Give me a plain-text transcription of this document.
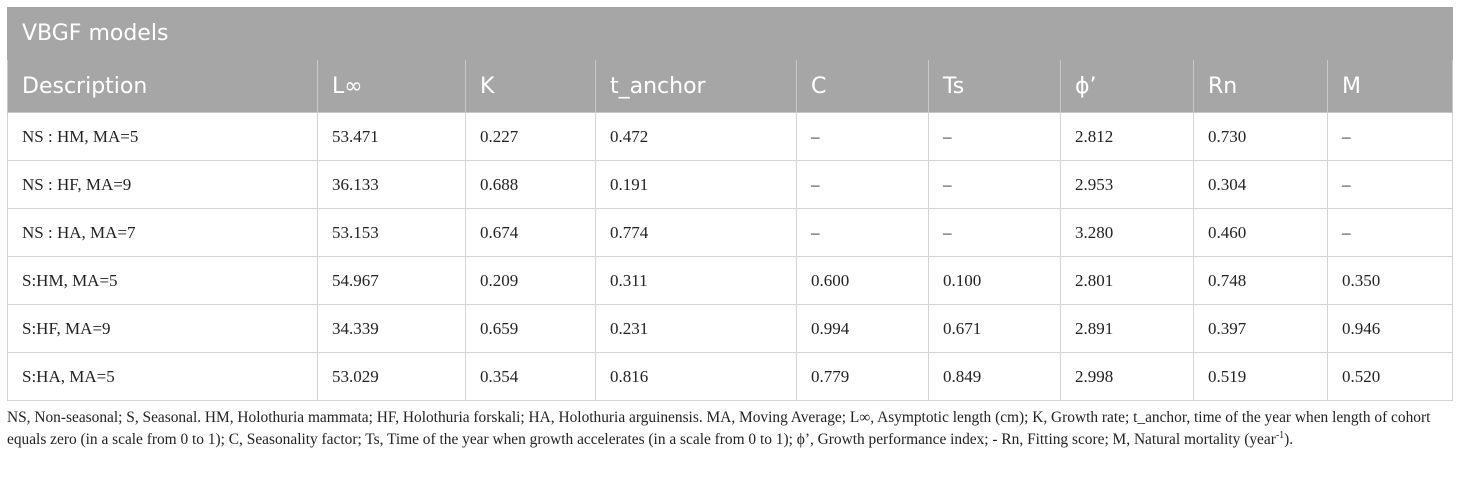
VBGF models								
Description	L∞	K	t_anchor	C	Ts	ϕ’	Rn	M
NS : HM, MA=5	53.471	0.227	0.472	–	–	2.812	0.730	–
NS : HF, MA=9	36.133	0.688	0.191	–	–	2.953	0.304	–
NS : HA, MA=7	53.153	0.674	0.774	–	–	3.280	0.460	–
S:HM, MA=5	54.967	0.209	0.311	0.600	0.100	2.801	0.748	0.350
S:HF, MA=9	34.339	0.659	0.231	0.994	0.671	2.891	0.397	0.946
S:HA, MA=5	53.029	0.354	0.816	0.779	0.849	2.998	0.519	0.520
NS, Non-seasonal; S, Seasonal. HM, Holothuria mammata; HF, Holothuria forskali; HA, Holothuria arguinensis. MA, Moving Average; L∞, Asymptotic length (cm); K, Growth rate; t_anchor, time of the year when length of cohort equals zero (in a scale from 0 to 1); C, Seasonality factor; Ts, Time of the year when growth accelerates (in a scale from 0 to 1); ϕ’, Growth performance index; - Rn, Fitting score; M, Natural mortality (year$^{-1}$).
